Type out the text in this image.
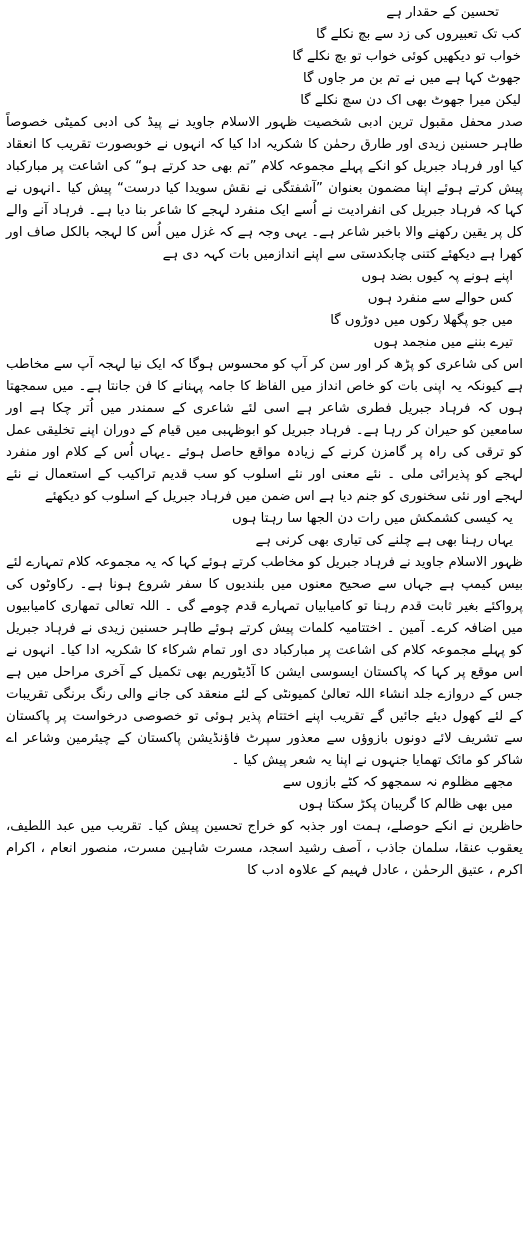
تحسین کے حقدار ہے
کب تک تعبیروں کی زد سے بچ نکلے گا
خواب تو دیکھیں کوئی خواب تو بچ نکلے گا
جھوٹ کہا ہے میں نے تم بن مر جاوں گا
لیکن میرا جھوٹ بھی اک دن سچ نکلے گا

صدر محفل مقبول ترین ادبی شخصیت ظہور الاسلام جاوید نے پیڈ کی ادبی کمیٹی خصوصاً طاہر حسنین زیدی اور طارق رحمٰن کا شکریہ ادا کیا کہ انہوں نے خوبصورت تقریب کا انعقاد کیا اور فرہاد جبریل کو انکے پہلے مجموعہ کلام ”تم بھی حد کرتے ہو“ کی اشاعت پر مبارکباد پیش کرتے ہوئے اپنا مضمون بعنوان ”آشفتگی نے نقش سویدا کیا درست“ پیش کیا ۔انہوں نے کہا کہ فرہاد جبریل کی انفرادیت نے اُسے ایک منفرد لہجے کا شاعر بنا دیا ہے۔ فرہاد آنے والے کل پر یقین رکھنے والا باخبر شاعر ہے۔ یہی وجہ ہے کہ غزل میں اُس کا لہجہ بالکل صاف اور کھرا ہے دیکھئے کتنی چابکدستی سے اپنے اندازمیں بات کہہ دی ہے

اپنے ہونے پہ کیوں بضد ہوں
کس حوالے سے منفرد ہوں
میں جو پگھلا رکوں میں دوڑوں گا
تیرے بننے میں منجمد ہوں

اس کی شاعری کو پڑھ کر اور سن کر آپ کو محسوس ہوگا کہ ایک نیا لہجہ آپ سے مخاطب ہے کیونکہ یہ اپنی بات کو خاص انداز میں الفاظ کا جامہ پہنانے کا فن جانتا ہے۔ میں سمجھتا ہوں کہ فرہاد جبریل فطری شاعر ہے اسی لئے شاعری کے سمندر میں اُتر چکا ہے اور سامعین کو حیران کر رہا ہے۔ فرہاد جبریل کو ابوظہبی میں قیام کے دوران اپنے تخلیقی عمل کو ترقی کی راہ پر گامزن کرنے کے زیادہ مواقع حاصل ہوئے ۔یہاں اُس کے کلام اور منفرد لہجے کو پذیرائی ملی ۔ نئے معنی اور نئے اسلوب کو سب قدیم تراکیب کے استعمال نے نئے لہجے اور نئی سخنوری کو جنم دیا ہے اس ضمن میں فرہاد جبریل کے اسلوب کو دیکھئے

یہ کیسی کشمکش میں رات دن الجھا سا رہتا ہوں
یہاں رہنا بھی ہے چلنے کی تیاری بھی کرنی ہے

ظہور الاسلام جاوید نے فرہاد جبریل کو مخاطب کرتے ہوئے کہا کہ یہ مجموعہ کلام تمہارے لئے بیس کیمپ ہے جہاں سے صحیح معنوں میں بلندیوں کا سفر شروع ہونا ہے۔ رکاوٹوں کی پرواکئے بغیر ثابت قدم رہنا تو کامیابیاں تمہارے قدم چومے گی ۔ اللہ تعالی تمھاری کامیابیوں میں اضافہ کرے۔ آمین ۔ اختتامیہ کلمات پیش کرتے ہوئے طاہر حسنین زیدی نے فرہاد جبریل کو پہلے مجموعہ کلام کی اشاعت پر مبارکباد دی اور تمام شرکاء کا شکریہ ادا کیا۔ انہوں نے اس موقع پر کہا کہ پاکستان ایسوسی ایشن کا آڈیٹوریم بھی تکمیل کے آخری مراحل میں ہے جس کے دروازے جلد انشاء اللہ تعالیٰ کمیونٹی کے لئے منعقد کی جانے والی رنگ برنگی تقریبات کے لئے کھول دیئے جائیں گے تقریب اپنے اختتام پذیر ہوئی تو خصوصی درخواست پر پاکستان سے تشریف لائے دونوں بازوؤں سے معذور سپرٹ فاؤنڈیشن پاکستان کے چیئرمین وشاعر اے شاکر کو مائک تھمایا جنہوں نے اپنا یہ شعر پیش کیا ۔

مجھے مظلوم نہ سمجھو کہ کٹے بازوں سے
میں بھی ظالم کا گریبان پکڑ سکتا ہوں

حاظرین نے انکے حوصلے، ہمت اور جذبہ کو خراج تحسین پیش کیا۔ تقریب میں عبد اللطیف، یعقوب عنقا، سلمان جاذب ، آصف رشید اسجد، مسرت شاہین مسرت، منصور انعام ، اکرام اکرم ، عتیق الرحمٰن ، عادل فہیم کے علاوہ ادب کا
